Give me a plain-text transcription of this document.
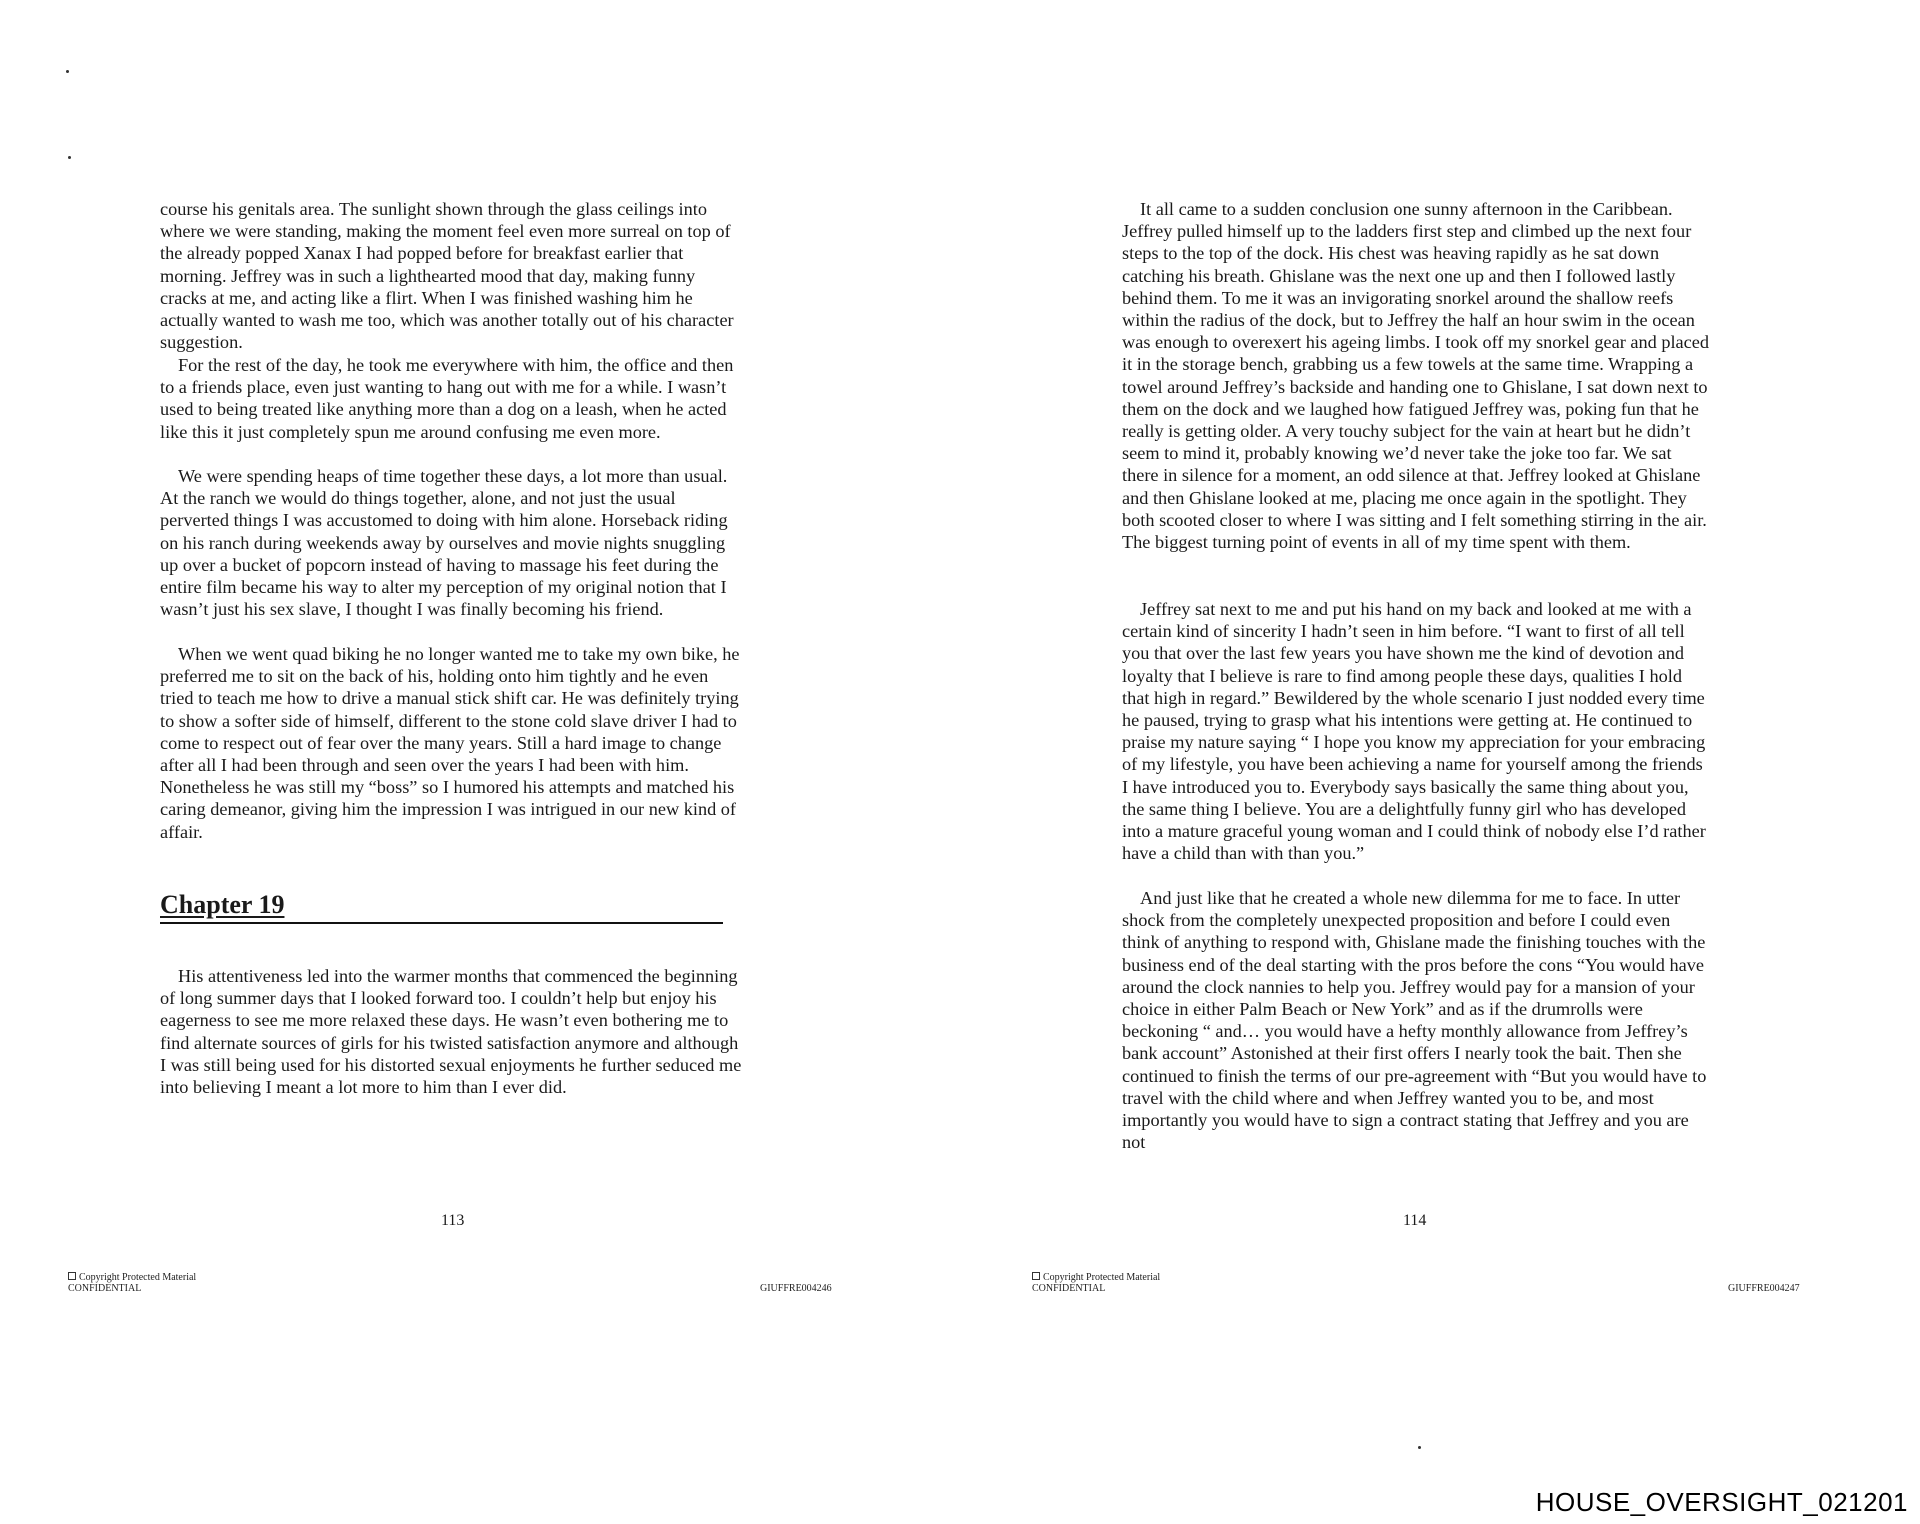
course his genitals area. The sunlight shown through the glass ceilings into where we were standing, making the moment feel even more surreal on top of the already popped Xanax I had popped before for breakfast earlier that morning. Jeffrey was in such a lighthearted mood that day, making funny cracks at me, and acting like a flirt. When I was finished washing him he actually wanted to wash me too, which was another totally out of his character suggestion.

For the rest of the day, he took me everywhere with him, the office and then to a friends place, even just wanting to hang out with me for a while. I wasn’t used to being treated like anything more than a dog on a leash, when he acted like this it just completely spun me around confusing me even more.

We were spending heaps of time together these days, a lot more than usual. At the ranch we would do things together, alone, and not just the usual perverted things I was accustomed to doing with him alone. Horseback riding on his ranch during weekends away by ourselves and movie nights snuggling up over a bucket of popcorn instead of having to massage his feet during the entire film became his way to alter my perception of my original notion that I wasn’t just his sex slave, I thought I was finally becoming his friend.

When we went quad biking he no longer wanted me to take my own bike, he preferred me to sit on the back of his, holding onto him tightly and he even tried to teach me how to drive a manual stick shift car. He was definitely trying to show a softer side of himself, different to the stone cold slave driver I had to come to respect out of fear over the many years. Still a hard image to change after all I had been through and seen over the years I had been with him. Nonetheless he was still my “boss” so I humored his attempts and matched his caring demeanor, giving him the impression I was intrigued in our new kind of affair.

Chapter 19

His attentiveness led into the warmer months that commenced the beginning of long summer days that I looked forward too. I couldn’t help but enjoy his eagerness to see me more relaxed these days. He wasn’t even bothering me to find alternate sources of girls for his twisted satisfaction anymore and although I was still being used for his distorted sexual enjoyments he further seduced me into believing I meant a lot more to him than I ever did.

113
Copyright Protected Material
CONFIDENTIAL	GIUFFRE004246

It all came to a sudden conclusion one sunny afternoon in the Caribbean. Jeffrey pulled himself up to the ladders first step and climbed up the next four steps to the top of the dock. His chest was heaving rapidly as he sat down catching his breath. Ghislane was the next one up and then I followed lastly behind them. To me it was an invigorating snorkel around the shallow reefs within the radius of the dock, but to Jeffrey the half an hour swim in the ocean was enough to overexert his ageing limbs. I took off my snorkel gear and placed it in the storage bench, grabbing us a few towels at the same time. Wrapping a towel around Jeffrey’s backside and handing one to Ghislane, I sat down next to them on the dock and we laughed how fatigued Jeffrey was, poking fun that he really is getting older. A very touchy subject for the vain at heart but he didn’t seem to mind it, probably knowing we’d never take the joke too far. We sat there in silence for a moment, an odd silence at that. Jeffrey looked at Ghislane and then Ghislane looked at me, placing me once again in the spotlight. They both scooted closer to where I was sitting and I felt something stirring in the air. The biggest turning point of events in all of my time spent with them.

Jeffrey sat next to me and put his hand on my back and looked at me with a certain kind of sincerity I hadn’t seen in him before. “I want to first of all tell you that over the last few years you have shown me the kind of devotion and loyalty that I believe is rare to find among people these days, qualities I hold that high in regard.” Bewildered by the whole scenario I just nodded every time he paused, trying to grasp what his intentions were getting at. He continued to praise my nature saying “ I hope you know my appreciation for your embracing of my lifestyle, you have been achieving a name for yourself among the friends I have introduced you to. Everybody says basically the same thing about you, the same thing I believe. You are a delightfully funny girl who has developed into a mature graceful young woman and I could think of nobody else I’d rather have a child than with than you.”

And just like that he created a whole new dilemma for me to face. In utter shock from the completely unexpected proposition and before I could even think of anything to respond with, Ghislane made the finishing touches with the business end of the deal starting with the pros before the cons “You would have around the clock nannies to help you. Jeffrey would pay for a mansion of your choice in either Palm Beach or New York” and as if the drumrolls were beckoning “ and… you would have a hefty monthly allowance from Jeffrey’s bank account” Astonished at their first offers I nearly took the bait. Then she continued to finish the terms of our pre-agreement with “But you would have to travel with the child where and when Jeffrey wanted you to be, and most importantly you would have to sign a contract stating that Jeffrey and you are not

114
Copyright Protected Material
CONFIDENTIAL	GIUFFRE004247
HOUSE_OVERSIGHT_021201
